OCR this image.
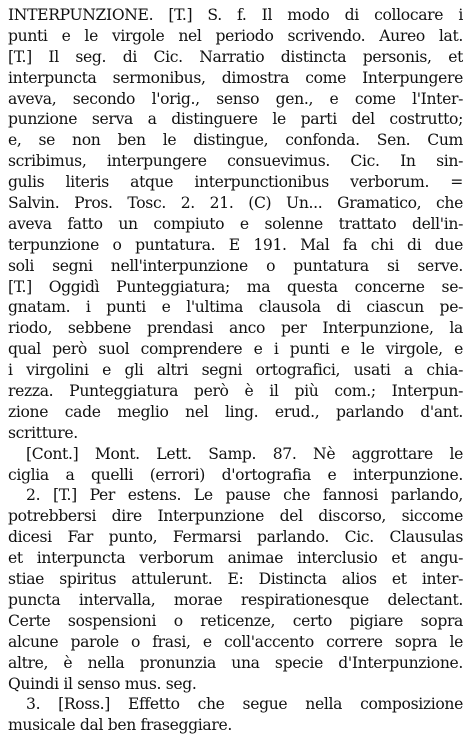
INTERPUNZIONE. [T.] S. f. Il modo di collocare i
punti e le virgole nel periodo scrivendo. Aureo lat.
[T.] Il seg. di Cic. Narratio distincta personis, et
interpuncta sermonibus, dimostra come Interpungere
aveva, secondo l'orig., senso gen., e come l'Inter-
punzione serva a distinguere le parti del costrutto;
e, se non ben le distingue, confonda. Sen. Cum
scribimus, interpungere consuevimus. Cic. In sin-
gulis literis atque interpunctionibus verborum. =
Salvin. Pros. Tosc. 2. 21. (C) Un... Gramatico, che
aveva fatto un compiuto e solenne trattato dell'in-
terpunzione o puntatura. E 191. Mal fa chi di due
soli segni nell'interpunzione o puntatura si serve.
[T.] Oggidì Punteggiatura; ma questa concerne se-
gnatam. i punti e l'ultima clausola di ciascun pe-
riodo, sebbene prendasi anco per Interpunzione, la
qual però suol comprendere e i punti e le virgole, e
i virgolini e gli altri segni ortografici, usati a chia-
rezza. Punteggiatura però è il più com.; Interpun-
zione cade meglio nel ling. erud., parlando d'ant.
scritture.
[Cont.] Mont. Lett. Samp. 87. Nè aggrottare le
ciglia a quelli (errori) d'ortografia e interpunzione.
2. [T.] Per estens. Le pause che fannosi parlando,
potrebbersi dire Interpunzione del discorso, siccome
dicesi Far punto, Fermarsi parlando. Cic. Clausulas
et interpuncta verborum animae interclusio et angu-
stiae spiritus attulerunt. E: Distincta alios et inter-
puncta intervalla, morae respirationesque delectant.
Certe sospensioni o reticenze, certo pigiare sopra
alcune parole o frasi, e coll'accento correre sopra le
altre, è nella pronunzia una specie d'Interpunzione.
Quindi il senso mus. seg.
3. [Ross.] Effetto che segue nella composizione
musicale dal ben fraseggiare.
